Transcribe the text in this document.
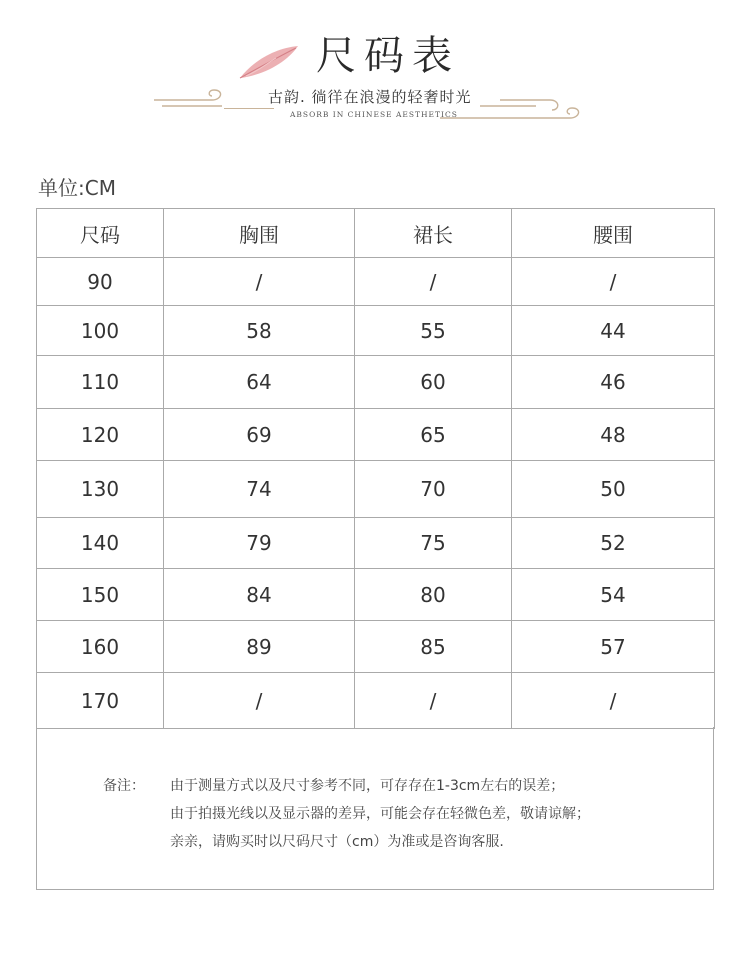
尺码表
古韵. 徜徉在浪漫的轻奢时光
ABSORB IN CHINESE AESTHETICS
单位:CM
尺码	胸围	裙长	腰围
90	/	/	/
100	58	55	44
110	64	60	46
120	69	65	48
130	74	70	50
140	79	75	52
150	84	80	54
160	89	85	57
170	/	/	/
备注： 由于测量方式以及尺寸参考不同，可存存在1-3cm左右的误差；
由于拍摄光线以及显示器的差异，可能会存在轻微色差，敬请谅解；
亲亲，请购买时以尺码尺寸（cm）为准或是咨询客服.
